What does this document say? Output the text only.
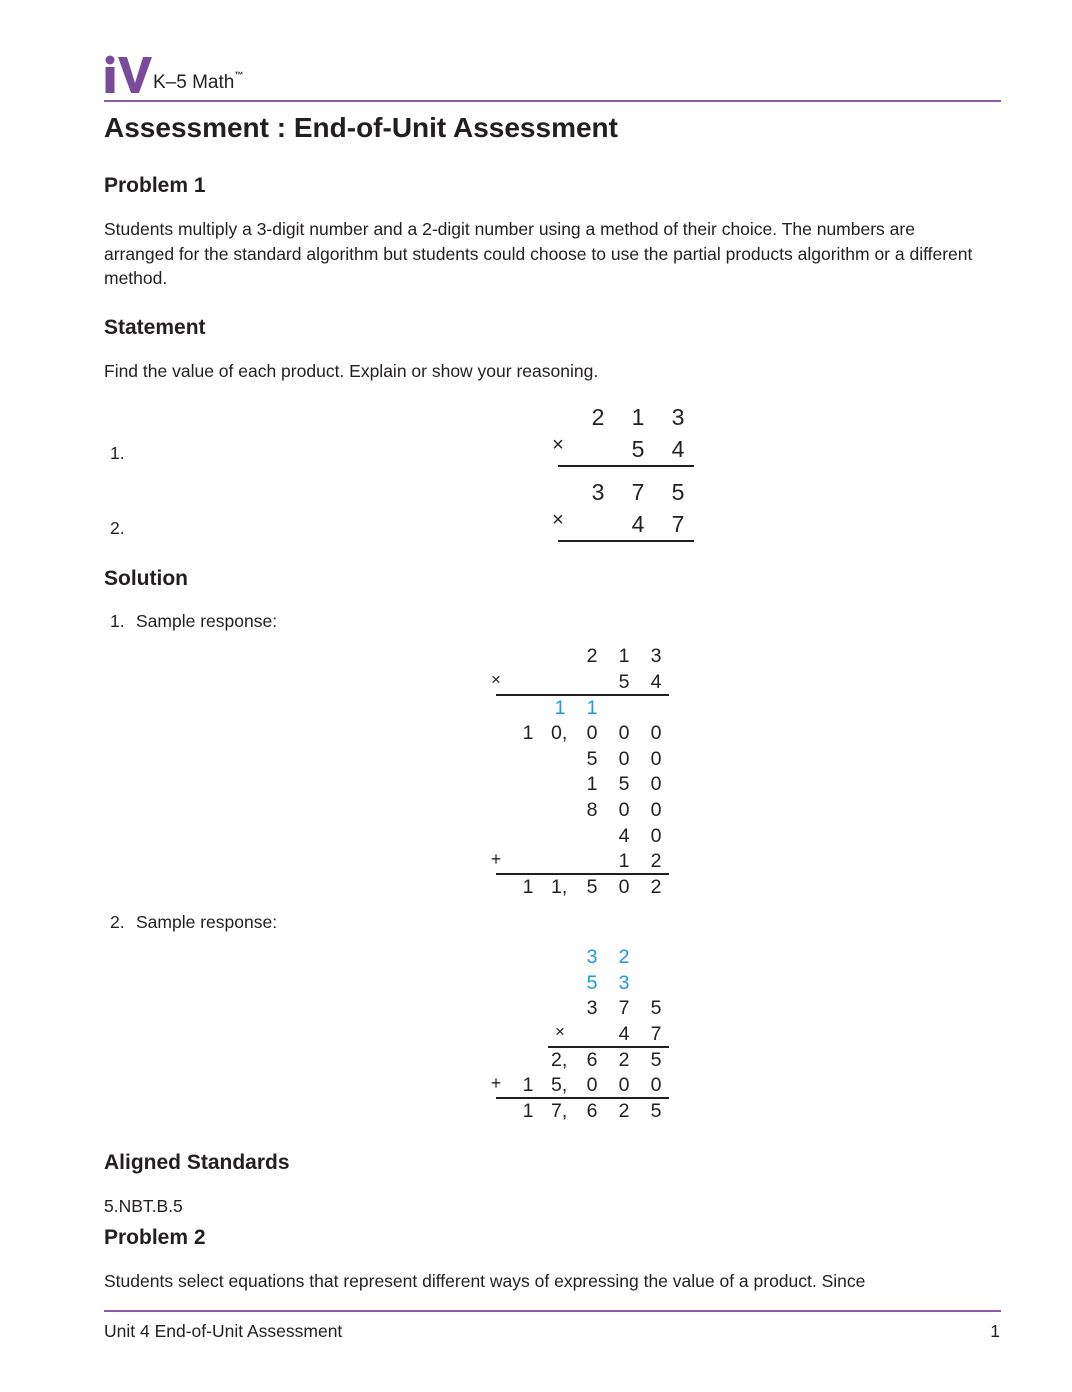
K–5 Math™
Assessment : End-of-Unit Assessment
Problem 1
Students multiply a 3-digit number and a 2-digit number using a method of their choice. The numbers are arranged for the standard algorithm but students could choose to use the partial products algorithm or a different method.
Statement
Find the value of each product. Explain or show your reasoning.
1.
2 1 3
×	5 4
2.
3 7 5
×	4 7
Solution
1. Sample response:
2	1	3
×	5	4
1	1
1 0, 0	0	0
5	0	0
1	5	0
8	0	0
4	0
+	1	2
1 1, 5	0	2
2. Sample response:
3	2
5	3
3	7	5
×	4	7
2, 6	2	5
+	1 5, 0	0	0
1 7, 6	2	5
Aligned Standards
5.NBT.B.5
Problem 2
Students select equations that represent different ways of expressing the value of a product. Since
Unit 4 End-of-Unit Assessment	1
